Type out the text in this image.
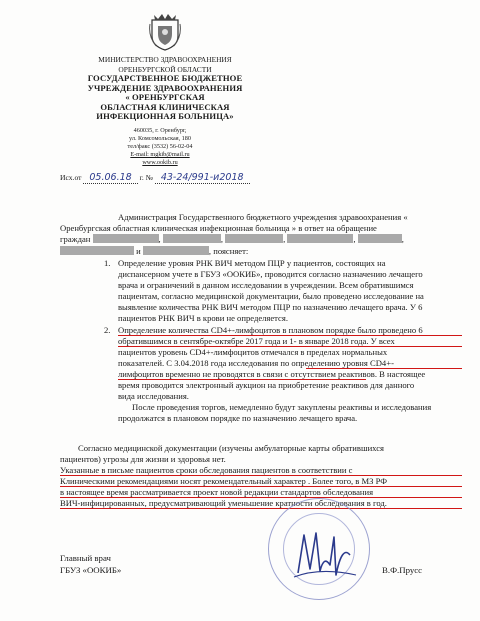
МИНИСТЕРСТВО ЗДРАВООХРАНЕНИЯ
ОРЕНБУРГСКОЙ ОБЛАСТИ
ГОСУДАРСТВЕННОЕ БЮДЖЕТНОЕ
УЧРЕЖДЕНИЕ ЗДРАВООХРАНЕНИЯ
« ОРЕНБУРГСКАЯ
ОБЛАСТНАЯ КЛИНИЧЕСКАЯ
ИНФЕКЦИОННАЯ БОЛЬНИЦА»
460035, г. Оренбург,
ул. Комсомольская, 180
тел/факс (3532) 56-02-04
E-mail: mgkib@mail.ru
www.ookib.ru
Исх.от 05.06.18 г. № 43-24/991-и2018
Администрация Государственного бюджетного учреждения здравоохранения «
Оренбургская областная клиническая инфекционная больница » в ответ на обращение
граждан	,	,	,	,	,
и	, поясняет:
1. Определение уровня РНК ВИЧ методом ПЦР у пациентов, состоящих на
диспансерном учете в ГБУЗ «ООКИБ», проводится согласно назначению лечащего
врача и ограничений в данном исследовании в учреждении. Всем обратившимся
пациентам, согласно медицинской документации, было проведено исследование на
выявление количества РНК ВИЧ методом ПЦР по назначению лечащего врача. У 6
пациентов РНК ВИЧ в крови не определяется.
2. Определение количества CD4+-лимфоцитов в плановом порядке было проведено 6
обратившимся в сентябре-октябре 2017 года и 1- в январе 2018 года. У всех
пациентов уровень CD4+-лимфоцитов отмечался в пределах нормальных
показателей. С 3.04.2018 года исследования по определению уровня CD4+-
лимфоцитов временно не проводятся в связи с отсутствием реактивов. В настоящее
время проводится электронный аукцион на приобретение реактивов для данного
вида исследования.
После проведения торгов, немедленно будут закуплены реактивы и исследования
продолжатся в плановом порядке по назначению лечащего врача.
Согласно медицинской документации (изучены амбулаторные карты обратившихся
пациентов) угрозы для жизни и здоровья нет.
Указанные в письме пациентов сроки обследования пациентов в соответствии с
Клиническими рекомендациями носят рекомендательный характер . Более того, в МЗ РФ
в настоящее время рассматривается проект новой редакции стандартов обследования
ВИЧ-инфицированных, предусматривающий уменьшение кратности обследования в год.
Главный врач
ГБУЗ «ООКИБ»	В.Ф.Прусс
